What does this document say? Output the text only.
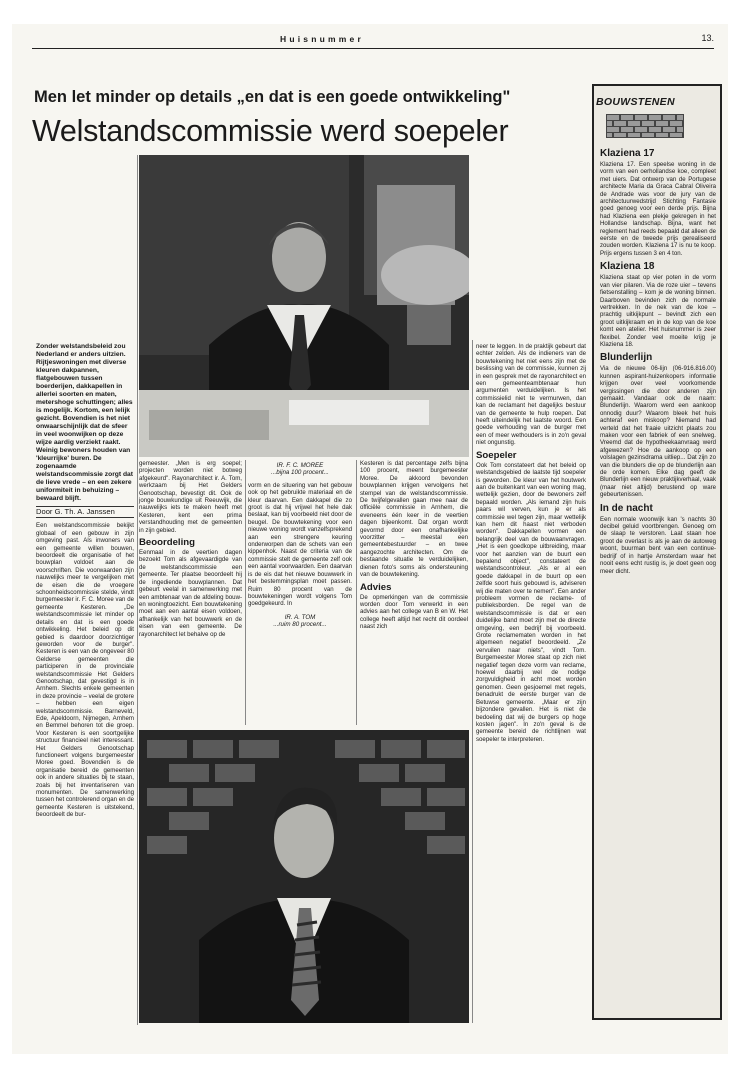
Huisnummer	13.
Men let minder op details „en dat is een goede ontwikkeling"
Welstandscommissie werd soepeler

Zonder welstandsbeleid zou Nederland er anders uitzien. Rijtjeswoningen met diverse kleuren dakpannen, flatgebouwen tussen boerderijen, dakkapellen in allerlei soorten en maten, metershoge schuttingen; alles is mogelijk. Kortom, een lelijk gezicht. Bovendien is het niet onwaarschijnlijk dat de sfeer in veel woonwijken op deze wijze aardig verziekt raakt. Weinig bewoners houden van 'kleurrijke' buren. De zogenaamde welstandscommissie zorgt dat de lieve vrede – en een zekere uniformiteit in behuizing – bewaard blijft.

Door G. Th. A. Janssen

Een welstandscommissie bekijkt globaal of een gebouw in zijn omgeving past. Als inwoners van een gemeente willen bouwen, beoordeelt die organisatie of het bouwplan voldoet aan de voorschriften. Die voorwaarden zijn nauwelijks meer te vergelijken met de eisen die de vroegere schoonheidscommissie stelde, vindt burgemeester ir. F. C. Moree van de gemeente Kesteren. „De welstandscommissie let minder op details en dat is een goede ontwikkeling. Het beleid op dit gebied is daardoor doorzichtiger geworden voor de burger". Kesteren is een van de ongeveer 80 Gelderse gemeenten die participeren in de provinciale welstandscommissie Het Gelders Genootschap, dat gevestigd is in Arnhem. Slechts enkele gemeenten in deze provincie – veelal de grotere – hebben een eigen welstandscommissie. Barneveld, Ede, Apeldoorn, Nijmegen, Arnhem en Bemmel behoren tot die groep. Voor Kesteren is een soortgelijke structuur financieel niet interessant. Het Gelders Genootschap functioneert volgens burgemeester Moree goed. Bovendien is de organisatie bereid de gemeenten ook in andere situaties bij te staan, zoals bij het inventariseren van monumenten. De samenwerking tussen het controlerend organ en de gemeente Kesteren is uitstekend, beoordeelt de bur-

gemeester. „Men is erg soepel; projecten worden niet botweg afgekeurd". Rayonarchitect ir. A. Tom, werkzaam bij Het Gelders Genootschap, bevestigt dit. Ook de jonge bouwkundige uit Reeuwijk, die nauwelijks iets te maken heeft met Kesteren, kent een prima verstandhouding met de gemeenten in zijn gebied.

Beoordeling

Eenmaal in de veertien dagen bezoekt Tom als afgevaardigde van de welstandscommissie een gemeente. Ter plaatse beoordeelt hij de ingediende bouwplannen. Dat gebeurt veelal in samenwerking met een ambtenaar van de afdeling bouw- en woningtoezicht. Een bouwtekening moet aan een aantal eisen voldoen, afhankelijk van het bouwwerk en de eisen van een gemeente. De rayonarchitect let behalve op de

IR. F. C. MOREE
...bijna 100 procent...

vorm en de situering van het gebouw ook op het gebruikte materiaal en de kleur daarvan. Een dakkapel die zo groot is dat hij vrijwel het hele dak beslaat, kan bij voorbeeld niet door de beugel. De bouwtekening voor een nieuwe woning wordt vanzelfsprekend aan een strengere keuring onderworpen dan de schets van een kippenhok. Naast de criteria van de commissie stelt de gemeente zelf ook een aantal voorwaarden. Een daarvan is de eis dat het nieuwe bouwwerk in het bestemmingsplan moet passen. Ruim 80 procent van de bouwtekeningen wordt volgens Tom goedgekeurd. In

IR. A. TOM
...ruim 80 procent...

Kesteren is dat percentage zelfs bijna 100 procent, meent burgemeester Moree. De akkoord bevonden bouwplannen krijgen vervolgens het stempel van de welstandscommissie. De twijfelgevallen gaan mee naar de officiële commissie in Arnhem, die eveneens één keer in de veertien dagen bijeenkomt. Dat organ wordt gevormd door een onafhankelijke voorzitter – meestal een gemeentebestuurder – en twee aangezochte architecten. Om de bestaande situatie te verduidelijken, dienen foto's soms als ondersteuning van de bouwtekening.

Advies

De opmerkingen van de commissie worden door Tom verwerkt in een advies aan het college van B en W. Het college heeft altijd het recht dit oordeel naast zich

neer te leggen. In de praktijk gebeurt dat echter zelden. Als de indieners van de bouwtekening het niet eens zijn met de beslissing van de commissie, kunnen zij in een gesprek met de rayonarchitect en een gemeenteambtenaar hun argumenten verduidelijken. Is het commissielid niet te vermurwen, dan kan de reclamant het dagelijks bestuur van de gemeente te hulp roepen. Dat heeft uiteindelijk het laatste woord. Een goede verhouding van de burger met een of meer wethouders is in zo'n geval niet ongunstig.

Soepeler

Ook Tom constateert dat het beleid op welstandsgebied de laatste tijd soepeler is geworden. De kleur van het houtwerk aan de buitenkant van een woning mag, wettelijk gezien, door de bewoners zelf bepaald worden. „Als iemand zijn huis paars wil verven, kun je er als commissie wel tegen zijn, maar wettelijk kan hem dit haast niet verboden worden". Dakkapellen vormen een belangrijk deel van de bouwaanvragen. „Het is een goedkope uitbreiding, maar voor het aanzien van de buurt een bepalend object", constateert de welstandscontroleur. „Als er al een goede dakkapel in de buurt op een zelfde soort huis gebouwd is, adviseren wij die maten over te nemen". Een ander probleem vormen de reclame- of publieksborden. De regel van de welstandscommissie is dat er een duidelijke band moet zijn met de directe omgeving, een bedrijf bij voorbeeld. Grote reclamematen worden in het algemeen negatief beoordeeld. „Ze vervuilen naar niets", vindt Tom. Burgemeester Moree staat op zich niet negatief tegen deze vorm van reclame, hoewel daarbij wel de nodige zorgvuldigheid in acht moet worden genomen. Geen gesjoemel met regels, benadrukt de eerste burger van de Betuwse gemeente. „Maar er zijn bijzondere gevallen. Het is niet de bedoeling dat wij de burgers op hoge kosten jagen". In zo'n geval is de gemeente bereid de richtlijnen wat soepeler te interpreteren.

BOUWSTENEN
Klaziena 17

Klaziena 17. Een speelse woning in de vorm van een oerhollandse koe, compleet met uiers. Dat ontwerp van de Portugese architecte Maria da Graca Cabral Oliveira de Andrade was voor de jury van de architectuurwedstrijd Stichting Fantasie goed genoeg voor een derde prijs. Bijna had Klaziena een plekje gekregen in het Hollandse landschap. Bijna, want het reglement had reeds bepaald dat alleen de eerste en de tweede prijs gerealiseerd zouden worden. Klaziena 17 is nu te koop. Prijs ergens tussen 3 en 4 ton.

Klaziena 18

Klaziena staat op vier poten in de vorm van vier pilaren. Via de roze uier – tevens fietsenstalling – kom je de woning binnen. Daarboven bevinden zich de normale vertrekken. In de nek van de koe – prachtig uitkijkpunt – bevindt zich een groot uitkijkraam en in de kop van de koe komt een atelier. Het huisnummer is zeer flexibel. Zonder veel moeite krijg je Klaziena 18.

Blunderlijn

Via de nieuwe 06-lijn (06-916.816.00) kunnen aspirant-huizenkopers informatie krijgen over veel voorkomende vergissingen die door anderen zijn gemaakt. Vandaar ook de naam: Blunderlijn. Waarom werd een aankoop onnodig duur? Waarom bleek het huis achteraf een miskoop? Niemand had verteld dat het fraaie uitzicht plaats zou maken voor een fabriek of een snelweg. Vreemd dat de hypotheekaanvraag werd afgewezen? Hoe de aankoop op een volslagen gezinsdrama uitliep... Dat zijn zo van die blunders die op de blunderlijn aan de orde komen. Elke dag geeft de Blunderlijn een nieuw praktijkverhaal, vaak (maar niet altijd) berustend op ware gebeurtenissen.

In de nacht

Een normale woonwijk kan 's nachts 30 decibel geluid voortbrengen. Genoeg om de slaap te verstoren. Laat staan hoe groot de overlast is als je aan de autoweg woont, buurman bent van een continue-bedrijf of in hartje Amsterdam waar het nooit eens echt rustig is, je doet geen oog meer dicht.
